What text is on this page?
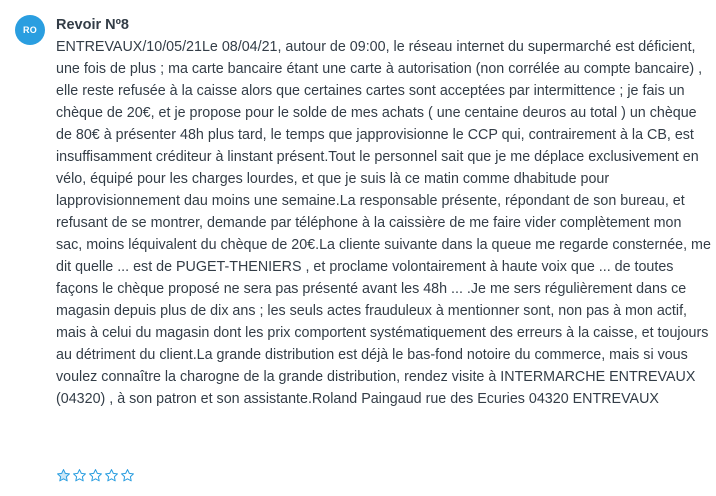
RO	Revoir Nº8

ENTREVAUX/10/05/21Le 08/04/21, autour de 09:00, le réseau internet du supermarché est déficient, une fois de plus ; ma carte bancaire étant une carte à autorisation (non corrélée au compte bancaire) , elle reste refusée à la caisse alors que certaines cartes sont acceptées par intermittence ; je fais un chèque de 20€, et je propose pour le solde de mes achats ( une centaine deuros au total ) un chèque de 80€ à présenter 48h plus tard, le temps que japprovisionne le CCP qui, contrairement à la CB, est insuffisamment créditeur à linstant présent.Tout le personnel sait que je me déplace exclusivement en vélo, équipé pour les charges lourdes, et que je suis là ce matin comme dhabitude pour lapprovisionnement dau moins une semaine.La responsable présente, répondant de son bureau, et refusant de se montrer, demande par téléphone à la caissière de me faire vider complètement mon sac, moins léquivalent du chèque de 20€.La cliente suivante dans la queue me regarde consternée, me dit quelle ... est de PUGET-THENIERS , et proclame volontairement à haute voix que ... de toutes façons le chèque proposé ne sera pas présenté avant les 48h ... .Je me sers régulièrement dans ce magasin depuis plus de dix ans ; les seuls actes frauduleux à mentionner sont, non pas à mon actif, mais à celui du magasin dont les prix comportent systématiquement des erreurs à la caisse, et toujours au détriment du client.La grande distribution est déjà le bas-fond notoire du commerce, mais si vous voulez connaître la charogne de la grande distribution, rendez visite à INTERMARCHE ENTREVAUX (04320) , à son patron et son assistante.Roland Paingaud rue des Ecuries 04320 ENTREVAUX
